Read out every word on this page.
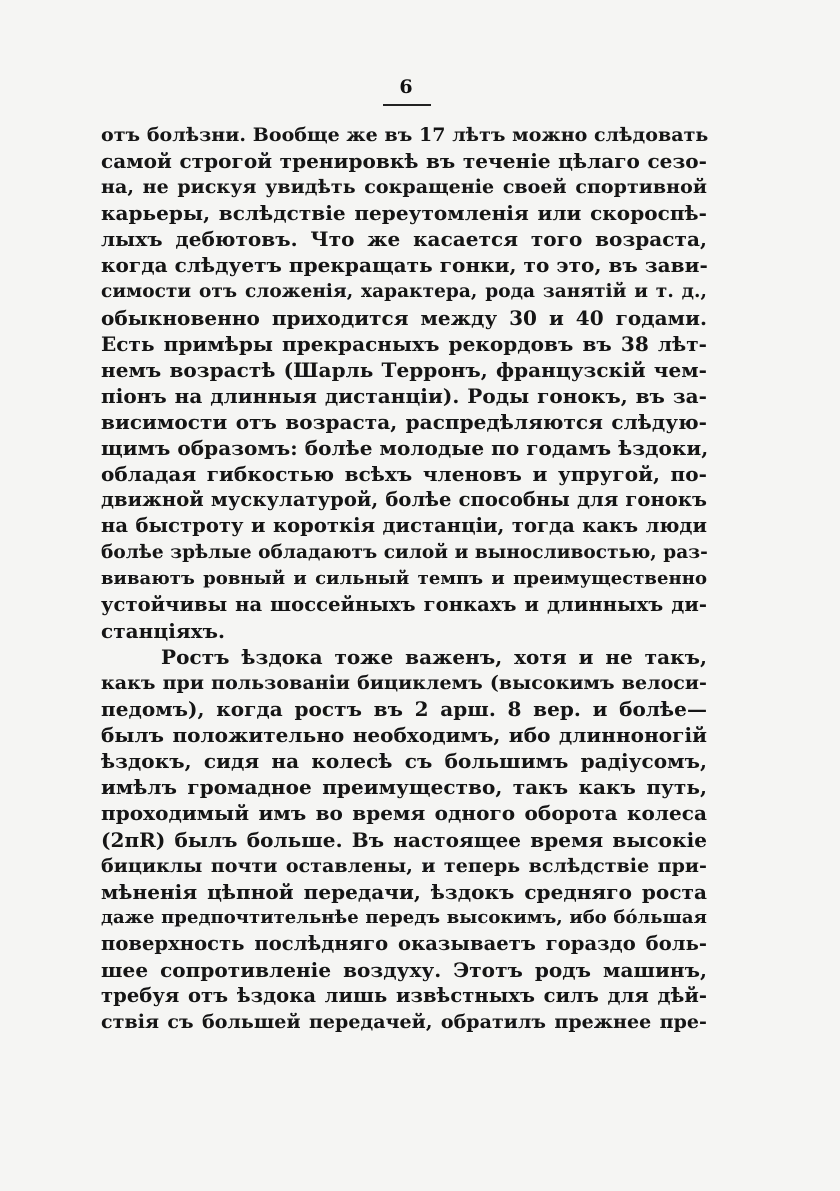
6
отъ болѣзни. Вообще же въ 17 лѣтъ можно слѣдовать
самой строгой тренировкѣ въ теченіе цѣлаго сезо-
на, не рискуя увидѣть сокращеніе своей спортивной
карьеры, вслѣдствіе переутомленія или скороспѣ-
лыхъ дебютовъ. Что же касается того возраста,
когда слѣдуетъ прекращать гонки, то это, въ зави-
симости отъ сложенія, характера, рода занятій и т. д.,
обыкновенно приходится между 30 и 40 годами.
Есть примѣры прекрасныхъ рекордовъ въ 38 лѣт-
немъ возрастѣ (Шарль Терронъ, французскій чем-
піонъ на длинныя дистанціи). Роды гонокъ, въ за-
висимости отъ возраста, распредѣляются слѣдую-
щимъ образомъ: болѣе молодые по годамъ ѣздоки,
обладая гибкостью всѣхъ членовъ и упругой, по-
движной мускулатурой, болѣе способны для гонокъ
на быстроту и короткія дистанціи, тогда какъ люди
болѣе зрѣлые обладаютъ силой и выносливостью, раз-
виваютъ ровный и сильный темпъ и преимущественно
устойчивы на шоссейныхъ гонкахъ и длинныхъ ди-
станціяхъ.
Ростъ ѣздока тоже важенъ, хотя и не такъ,
какъ при пользованіи бициклемъ (высокимъ велоси-
педомъ), когда ростъ въ 2 арш. 8 вер. и болѣе—
былъ положительно необходимъ, ибо длинноногій
ѣздокъ, сидя на колесѣ съ большимъ радіусомъ,
имѣлъ громадное преимущество, такъ какъ путь,
проходимый имъ во время одного оборота колеса
(2πR) былъ больше. Въ настоящее время высокіе
бициклы почти оставлены, и теперь вслѣдствіе при-
мѣненія цѣпной передачи, ѣздокъ средняго роста
даже предпочтительнѣе передъ высокимъ, ибо бóльшая
поверхность послѣдняго оказываетъ гораздо боль-
шее сопротивленіе воздуху. Этотъ родъ машинъ,
требуя отъ ѣздока лишь извѣстныхъ силъ для дѣй-
ствія съ большей передачей, обратилъ прежнее пре-
